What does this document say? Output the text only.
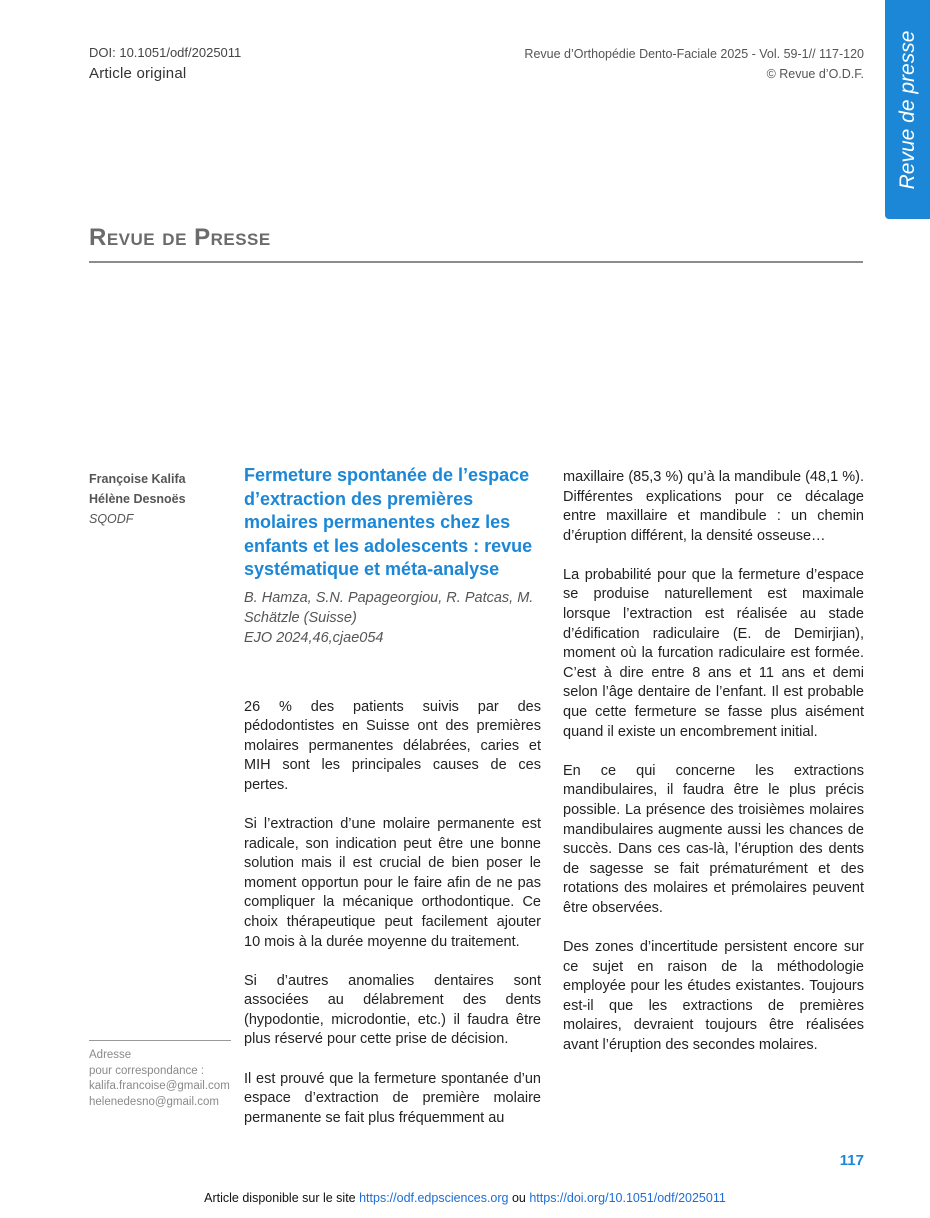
DOI: 10.1051/odf/2025011
Article original
Revue d’Orthopédie Dento-Faciale 2025 - Vol. 59-1// 117-120
© Revue d’O.D.F. Revue de presse
Revue de Presse
Françoise Kalifa
Hélène Desnoës
SQODF
Adresse
pour correspondance :
kalifa.francoise@gmail.com
helenedesno@gmail.com
Fermeture spontanée de l’espace d’extraction des premières molaires permanentes chez les enfants et les adolescents : revue systématique et méta-analyse
B. Hamza, S.N. Papageorgiou, R. Patcas, M. Schätzle (Suisse)
EJO 2024,46,cjae054

26 % des patients suivis par des pédodontistes en Suisse ont des premières molaires permanentes délabrées, caries et MIH sont les principales causes de ces pertes.

Si l’extraction d’une molaire permanente est radicale, son indication peut être une bonne solution mais il est crucial de bien poser le moment opportun pour le faire afin de ne pas compliquer la mécanique orthodontique. Ce choix thérapeutique peut facilement ajouter 10 mois à la durée moyenne du traitement.

Si d’autres anomalies dentaires sont associées au délabrement des dents (hypodontie, microdontie, etc.) il faudra être plus réservé pour cette prise de décision.

Il est prouvé que la fermeture spontanée d’un espace d’extraction de première molaire permanente se fait plus fréquemment au

maxillaire (85,3 %) qu’à la mandibule (48,1 %). Différentes explications pour ce décalage entre maxillaire et mandibule : un chemin d’éruption différent, la densité osseuse…

La probabilité pour que la fermeture d’espace se produise naturellement est maximale lorsque l’extraction est réalisée au stade d’édification radiculaire (E. de Demirjian), moment où la furcation radiculaire est formée. C’est à dire entre 8 ans et 11 ans et demi selon l’âge dentaire de l’enfant. Il est probable que cette fermeture se fasse plus aisément quand il existe un encombrement initial.

En ce qui concerne les extractions mandibulaires, il faudra être le plus précis possible. La présence des troisièmes molaires mandibulaires augmente aussi les chances de succès. Dans ces cas-là, l’éruption des dents de sagesse se fait prématurément et des rotations des molaires et prémolaires peuvent être observées.

Des zones d’incertitude persistent encore sur ce sujet en raison de la méthodologie employée pour les études existantes. Toujours est-il que les extractions de premières molaires, devraient toujours être réalisées avant l’éruption des secondes molaires.

117
Article disponible sur le site https://odf.edpsciences.org ou https://doi.org/10.1051/odf/2025011
